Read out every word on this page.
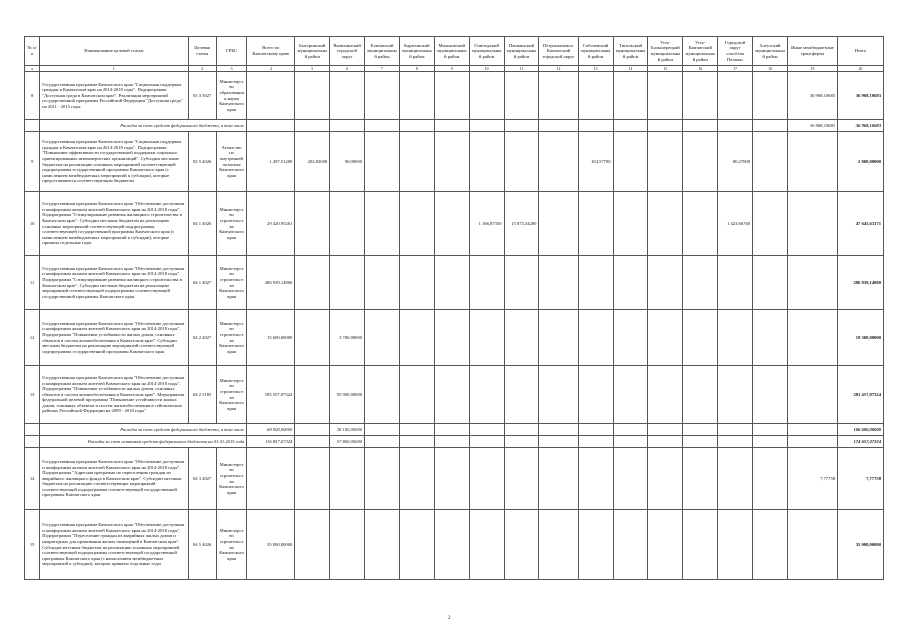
№ п/п	Наименование целевой статьи	Целевая статья	ГРБС	Всего по Камчатскому краю	Быстринский муниципальный район	Вилючинский городской округ	Елизовский муниципальный район	Карагинский муниципальный район	Мильковский муниципальный район	Олюторский муниципальный район	Пенжинский муниципальный район	Петропавловск-Камчатский городской округ	Соболевский муниципальный район	Тигильский муниципальный район	Усть-Большерецкий муниципальный район	Усть-Камчатский муниципальный район	Городской округ «посёлок Палана»	Алеутский муниципальный район	Иные межбюджетные трансферты	Итого
а	1	2	3	4	5	6	7	8	9	10	11	12	13	14	15	16	17	18	19	20
8	Государственная программа Камчатского края "Социальная поддержка граждан в Камчатском крае на 2014-2018 годы". Подпрограмма "Доступная среда в Камчатском крае". Реализация мероприятий государственной программы Российской Федерации "Доступная среда" на 2011 - 2015 годы	03 3 5027	Министерство образования и науки Камчатского края																36 968,10683	36 968,10683
	Расходы за счет средств федерального бюджета, в том числе																		36 968,10683	36 968,10683
9	Государственная программа Камчатского края "Социальная поддержка граждан в Камчатском крае на 2014-2018 годы". Подпрограмма "Повышение эффективности государственной поддержки социально ориентированных некоммерческих организаций". Субсидии местным бюджетам на реализацию основных мероприятий соответствующей подпрограммы государственной программы Камчатского края (с начислением межбюджетных мероприятий к субсидии), которые предоставляются соответствующим бюджетам	03 5 4026	Агентство по внутренней политике Камчатского края	1 497,51200	202,82000	90,00000							104,57700				80,27000			2 000,00000
10	Государственная программа Камчатского края "Обеспечение доступным и комфортным жильем жителей Камчатского края на 2014-2018 годы". Подпрограмма "Стимулирование развития жилищного строительства в Камчатском крае". Субсидии местным бюджетам на реализацию основных мероприятий соответствующей подпрограммы соответствующей государственной программы Камчатского края (с начислением межбюджетных мероприятий к субсидии), которые приняты отдельные годы	04 1 4026	Министерство строительства Камчатского края	29 420,95261						1 166,87350	15 873,34280						1 423,66760			47 645,63171
11	Государственная программа Камчатского края "Обеспечение доступным и комфортным жильем жителей Камчатского края на 2014-2018 годы". Подпрограмма "Стимулирование развития жилищного строительства в Камчатском крае". Субсидии местным бюджетам на реализацию мероприятий соответствующей подпрограммы соответствующей государственной программы Камчатского края	04 1 4027	Министерство строительства Камчатского края	286 939,14800																286 939,14800
12	Государственная программа Камчатского края "Обеспечение доступным и комфортным жильем жителей Камчатского края на 2014-2018 годы". Подпрограмма "Повышение устойчивости жилых домов, основных объектов и систем жизнеобеспечения в Камчатском крае". Субсидии местным бюджетам на реализацию мероприятий соответствующей подпрограммы государственной программы Камчатского края	04 2 4027	Министерство строительства Камчатского края	15 600,00000		3 700,00000														19 300,00000
13	Государственная программа Камчатского края "Обеспечение доступным и комфортным жильем жителей Камчатского края на 2014-2018 годы". Подпрограмма "Повышение устойчивости жилых домов, основных объектов и систем жизнеобеспечения в Камчатском крае". Мероприятия федеральной целевой программы "Повышение устойчивости жилых домов, основных объектов и систем жизнеобеспечения в сейсмических районах Российской Федерации на 2009 - 2018 годы"	04 2 5185	Министерство строительства Камчатского края	185 557,07324		95 900,00000														281 457,07324
	Расходы за счет средств федерального бюджета, в том числе			68 500,00000		38 100,00000														106 600,00000
	Расходы за счет остатков средств федерального бюджета на 01.01.2015 года			116 857,07324		57 800,00000														174 657,07324
14	Государственная программа Камчатского края "Обеспечение доступным и комфортным жильем жителей Камчатского края на 2014-2018 годы". Подпрограмма "Адресная программа по переселению граждан из аварийного жилищного фонда в Камчатском крае". Субсидии местным бюджетам на реализацию соответствующих мероприятий соответствующей подпрограммы соответствующей государственной программы Камчатского края	04 3 4027	Министерство строительства Камчатского края																7,77758	7,77758
15	Государственная программа Камчатского края "Обеспечение доступным и комфортным жильем жителей Камчатского края на 2014-2018 годы". Подпрограмма "Переселение граждан из аварийных жилых домов и непригодных для проживания жилых помещений в Камчатском крае". Субсидии местным бюджетам на реализацию основных мероприятий соответствующей подпрограммы соответствующей государственной программы Камчатского края (с начислением межбюджетных мероприятий к субсидии), которые приняты отдельные годы	04 5 4026	Министерство строительства Камчатского края	35 000,00000																35 000,00000
2
